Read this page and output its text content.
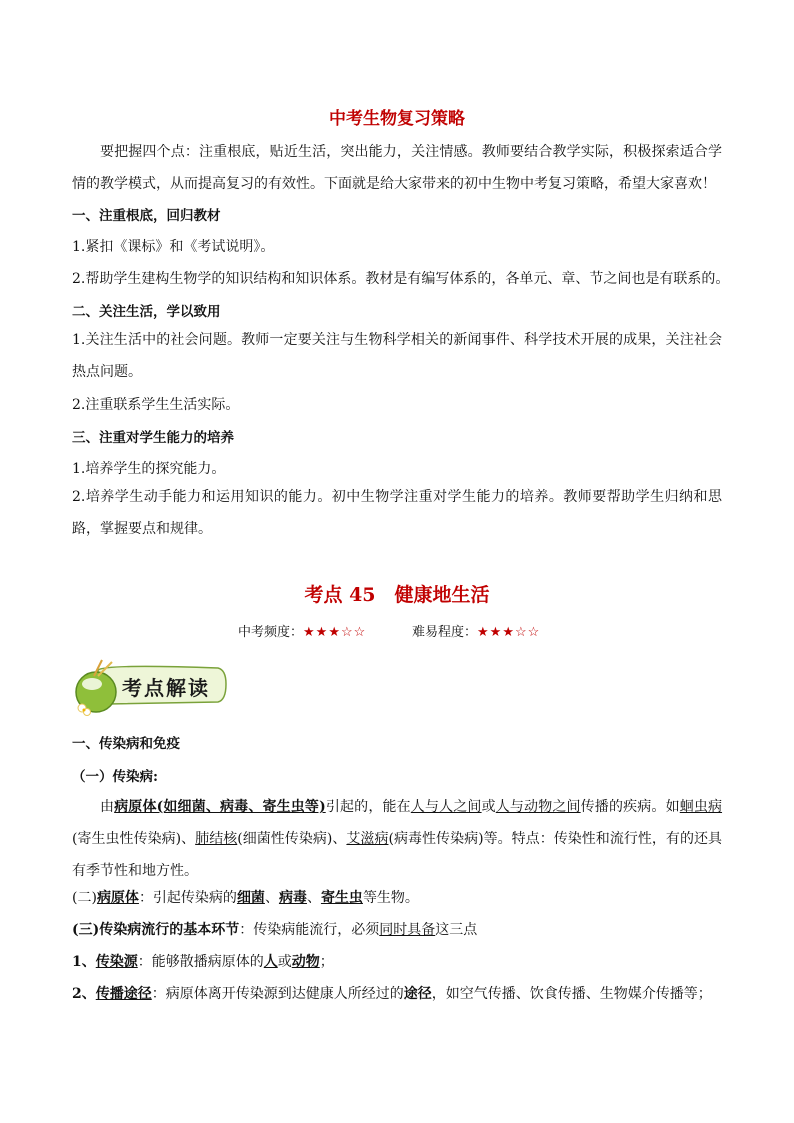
中考生物复习策略
要把握四个点：注重根底，贴近生活，突出能力，关注情感。教师要结合教学实际，积极探索适合学情的教学模式，从而提高复习的有效性。下面就是给大家带来的初中生物中考复习策略，希望大家喜欢！
一、注重根底，回归教材
1.紧扣《课标》和《考试说明》。
2.帮助学生建构生物学的知识结构和知识体系。教材是有编写体系的，各单元、章、节之间也是有联系的。
二、关注生活，学以致用
1.关注生活中的社会问题。教师一定要关注与生物科学相关的新闻事件、科学技术开展的成果，关注社会热点问题。
2.注重联系学生生活实际。
三、注重对学生能力的培养
1.培养学生的探究能力。
2.培养学生动手能力和运用知识的能力。初中生物学注重对学生能力的培养。教师要帮助学生归纳和思路，掌握要点和规律。
考点 45　健康地生活
中考频度：★★★☆☆	难易程度：★★★☆☆
考点解读
一、传染病和免疫
（一）传染病:
由病原体(如细菌、病毒、寄生虫等)引起的，能在人与人之间或人与动物之间传播的疾病。如蛔虫病(寄生虫性传染病)、肺结核(细菌性传染病)、艾滋病(病毒性传染病)等。特点：传染性和流行性，有的还具有季节性和地方性。
(二)病原体：引起传染病的细菌、病毒、寄生虫等生物。
(三)传染病流行的基本环节：传染病能流行，必须同时具备这三点
1、传染源：能够散播病原体的人或动物；
2、传播途径：病原体离开传染源到达健康人所经过的途径，如空气传播、饮食传播、生物媒介传播等；
